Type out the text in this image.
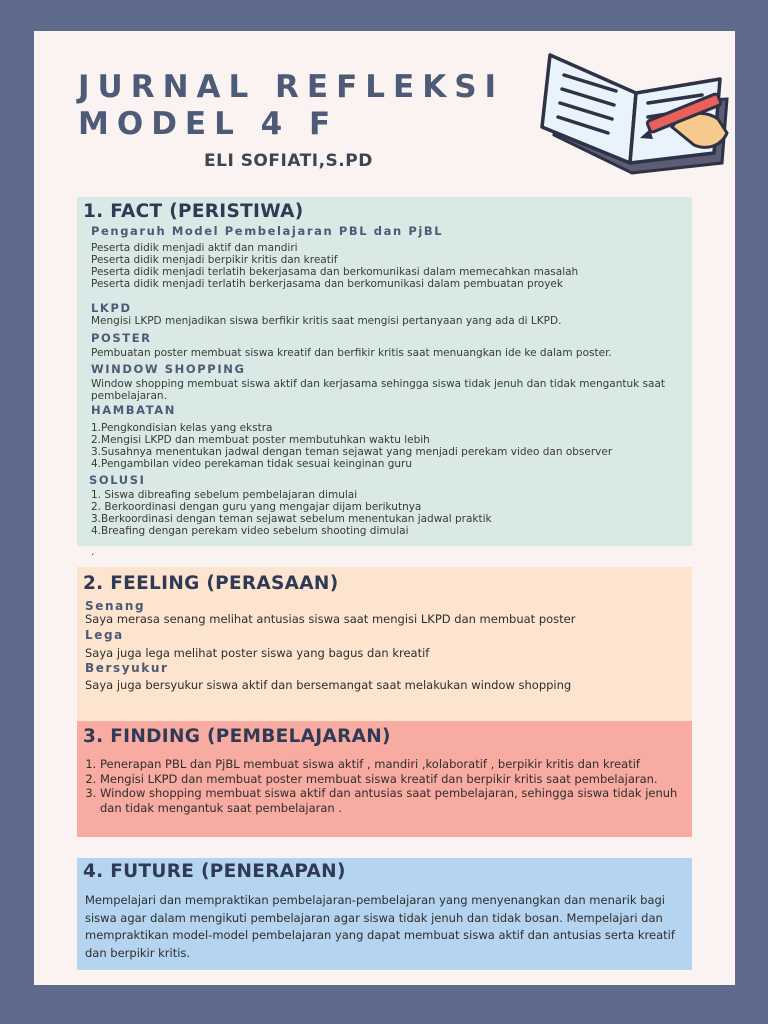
JURNAL REFLEKSI
MODEL 4 F
ELI SOFIATI,S.PD
1. FACT (PERISTIWA)
Pengaruh Model Pembelajaran PBL dan PjBL
Peserta didik menjadi aktif dan mandiri
Peserta didik menjadi berpikir kritis dan kreatif
Peserta didik menjadi terlatih bekerjasama dan berkomunikasi dalam memecahkan masalah
Peserta didik menjadi terlatih berkerjasama dan berkomunikasi dalam pembuatan proyek
LKPD
Mengisi LKPD menjadikan siswa berfikir kritis saat mengisi pertanyaan yang ada di LKPD.
POSTER
Pembuatan poster membuat siswa kreatif dan berfikir kritis saat menuangkan ide ke dalam poster.
WINDOW SHOPPING
Window shopping membuat siswa aktif dan kerjasama sehingga siswa tidak jenuh dan tidak mengantuk saat pembelajaran.
HAMBATAN
1.Pengkondisian kelas yang ekstra
2.Mengisi LKPD dan membuat poster membutuhkan waktu lebih
3.Susahnya menentukan jadwal dengan teman sejawat yang menjadi perekam video dan observer
4.Pengambilan video perekaman tidak sesuai keinginan guru
SOLUSI
1. Siswa dibreafing sebelum pembelajaran dimulai
2. Berkoordinasi dengan guru yang mengajar dijam berikutnya
3.Berkoordinasi dengan teman sejawat sebelum menentukan jadwal praktik
4.Breafing dengan perekam video sebelum shooting dimulai
.
2. FEELING (PERASAAN)
Senang
Saya merasa senang melihat antusias siswa saat mengisi LKPD dan membuat poster
Lega
Saya juga lega melihat poster siswa yang bagus dan kreatif
Bersyukur
Saya juga bersyukur siswa aktif dan bersemangat saat melakukan window shopping
3. FINDING (PEMBELAJARAN)
1. Penerapan PBL dan PjBL membuat siswa aktif , mandiri ,kolaboratif , berpikir kritis dan kreatif
2. Mengisi LKPD dan membuat poster membuat siswa kreatif dan berpikir kritis saat pembelajaran.
3. Window shopping membuat siswa aktif dan antusias saat pembelajaran, sehingga siswa tidak jenuh dan tidak mengantuk saat pembelajaran .
4. FUTURE (PENERAPAN)
Mempelajari dan mempraktikan pembelajaran-pembelajaran yang menyenangkan dan menarik bagi siswa agar dalam mengikuti pembelajaran agar siswa tidak jenuh dan tidak bosan. Mempelajari dan mempraktikan model-model pembelajaran yang dapat membuat siswa aktif dan antusias serta kreatif dan berpikir kritis.
